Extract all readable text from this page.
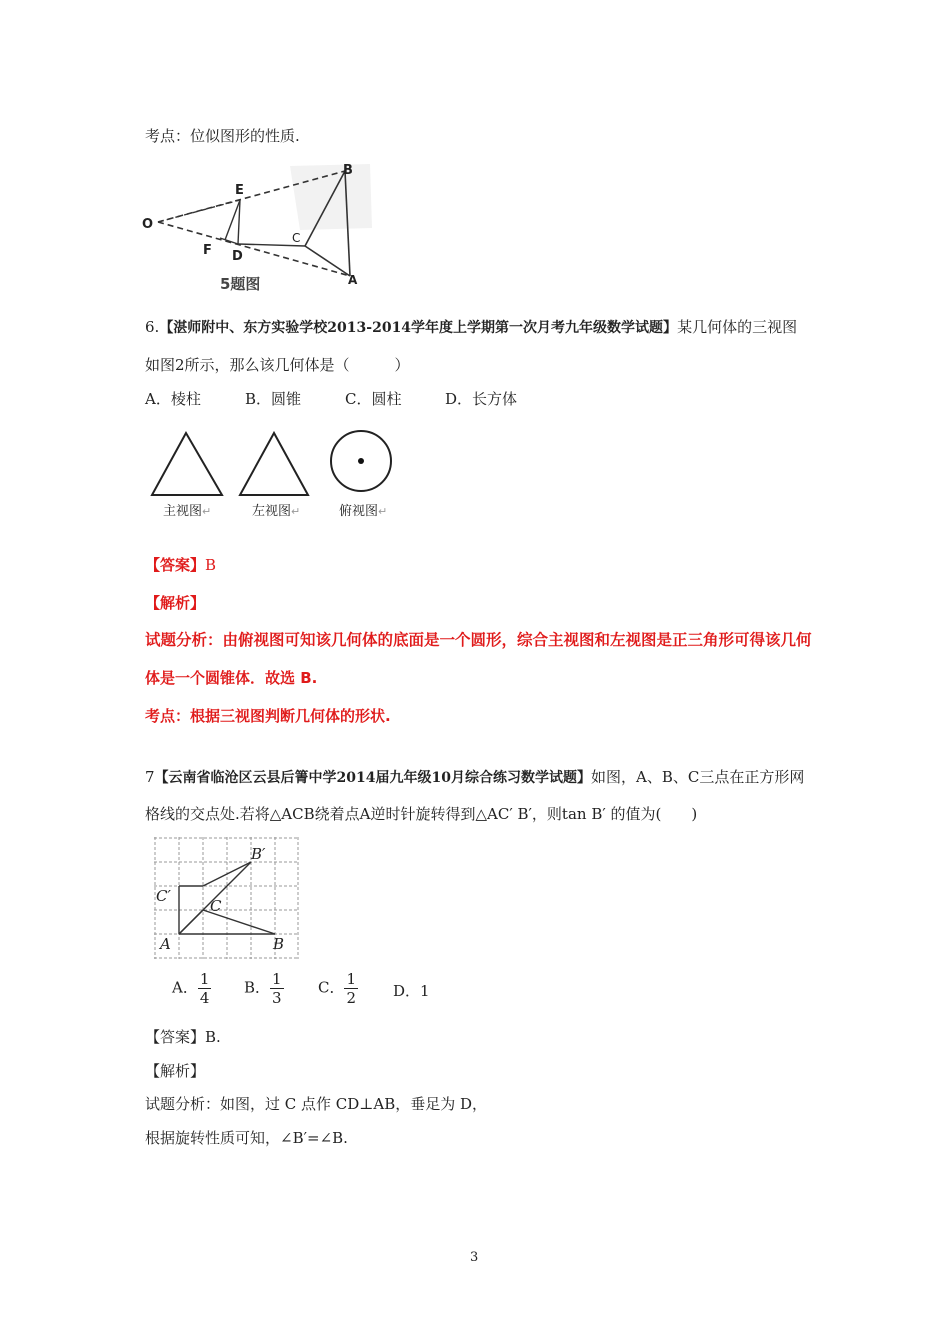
考点：位似图形的性质.
O
E
B
F D
C
A
5题图
6.【湛师附中、东方实验学校2013-2014学年度上学期第一次月考九年级数学试题】某几何体的三视图
如图2所示，那么该几何体是（　　　）
A．棱柱	B．圆锥	C．圆柱	D．长方体
主视图↵	左视图↵	俯视图↵
【答案】B
【解析】
试题分析：由俯视图可知该几何体的底面是一个圆形，综合主视图和左视图是正三角形可得该几何
体是一个圆锥体．故选 B.
考点：根据三视图判断几何体的形状.
7【云南省临沧区云县后箐中学2014届九年级10月综合练习数学试题】如图，A、B、C三点在正方形网
格线的交点处.若将△ACB绕着点A逆时针旋转得到△AC′ B′，则tan B′ 的值为(　　)
B′
C′
C
A	B
A． $\frac{1}{4}$ B． $\frac{1}{3}$ C． $\frac{1}{2}$ D．1
【答案】B.
【解析】
试题分析：如图，过 C 点作 CD⊥AB，垂足为 D，
根据旋转性质可知，∠B′=∠B.
3
